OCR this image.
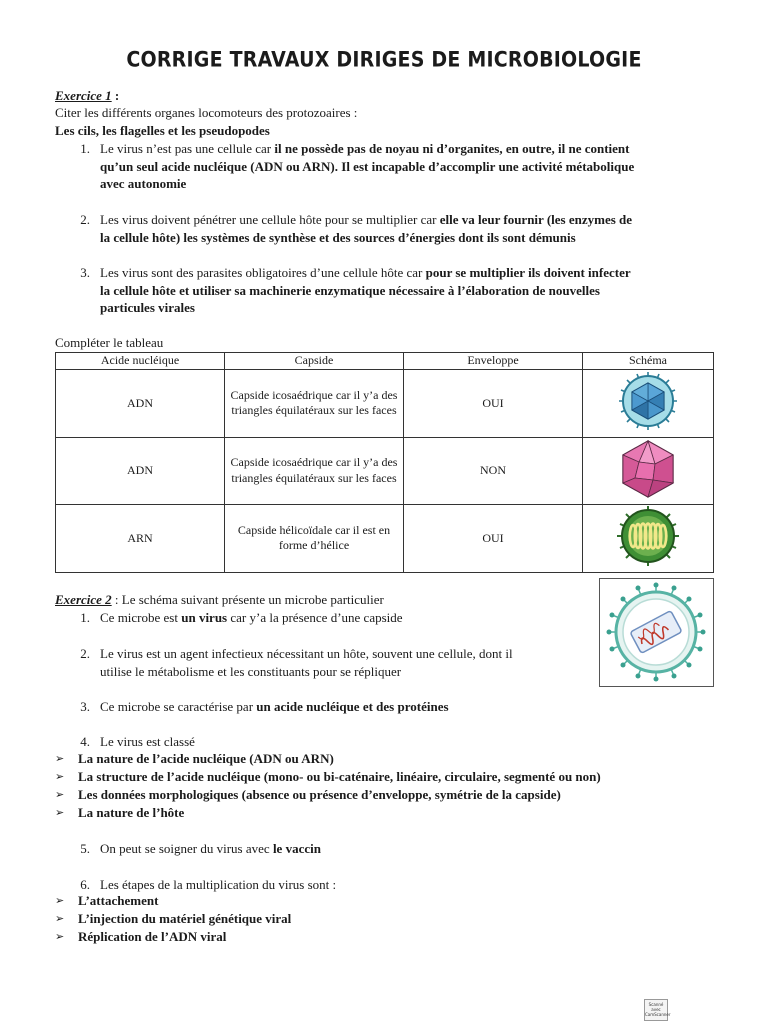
CORRIGE TRAVAUX DIRIGES DE MICROBIOLOGIE
Exercice 1 :
Citer les différents organes locomoteurs des protozoaires :
Les cils, les flagelles et les pseudopodes
1. Le virus n’est pas une cellule car il ne possède pas de noyau ni d’organites, en outre, il ne contient
qu’un seul acide nucléique (ADN ou ARN). Il est incapable d’accomplir une activité métabolique
avec autonomie
2. Les virus doivent pénétrer une cellule hôte pour se multiplier car elle va leur fournir (les enzymes de
la cellule hôte) les systèmes de synthèse et des sources d’énergies dont ils sont démunis
3. Les virus sont des parasites obligatoires d’une cellule hôte car pour se multiplier ils doivent infecter
la cellule hôte et utiliser sa machinerie enzymatique nécessaire à l’élaboration de nouvelles
particules virales
Compléter le tableau
Acide nucléique	Capside	Enveloppe	Schéma
ADN	Capside icosaédrique car il y’a des triangles équilatéraux sur les faces	OUI	
ADN	Capside icosaédrique car il y’a des triangles équilatéraux sur les faces	NON	
ARN	Capside hélicoïdale car il est en forme d’hélice	OUI	
Exercice 2 : Le schéma suivant présente un microbe particulier
1. Ce microbe est un virus car y’a la présence d’une capside
2. Le virus est un agent infectieux nécessitant un hôte, souvent une cellule, dont il
utilise le métabolisme et les constituants pour se répliquer
3. Ce microbe se caractérise par un acide nucléique et des protéines
4. Le virus est classé
➢ La nature de l’acide nucléique (ADN ou ARN)
➢ La structure de l’acide nucléique (mono- ou bi-caténaire, linéaire, circulaire, segmenté ou non)
➢ Les données morphologiques (absence ou présence d’enveloppe, symétrie de la capside)
➢ La nature de l’hôte
5. On peut se soigner du virus avec le vaccin
6. Les étapes de la multiplication du virus sont :
➢ L’attachement
➢ L’injection du matériel génétique viral
➢ Réplication de l’ADN viral
Scanné avec CamScanner
